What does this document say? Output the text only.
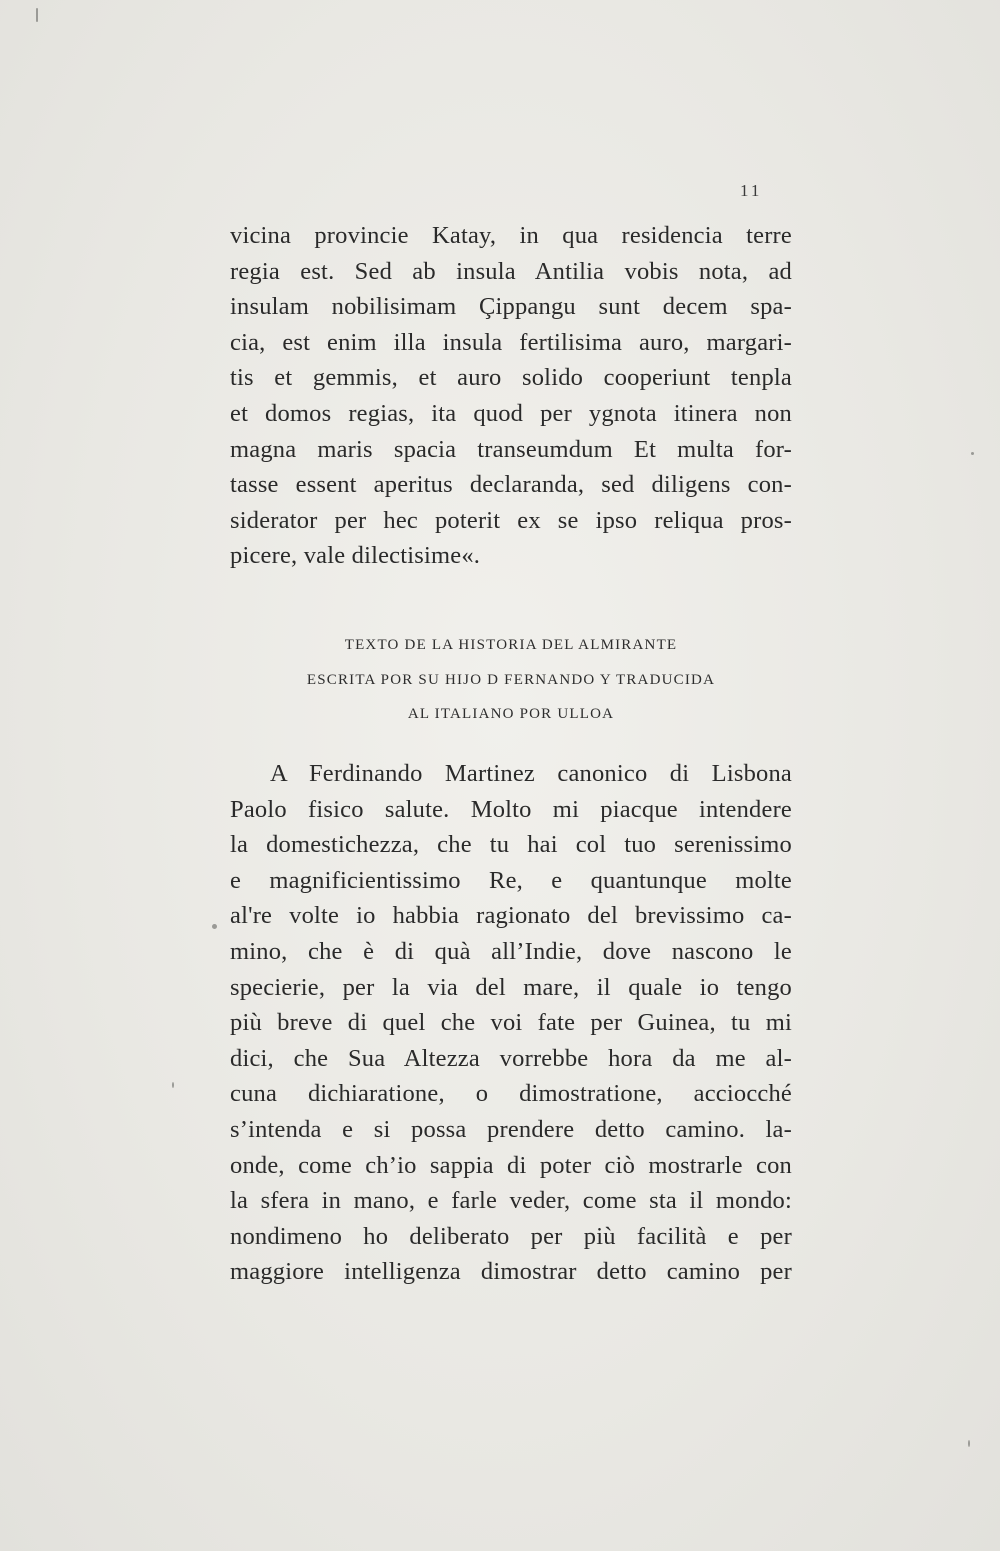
11
vicina provincie Katay, in qua residencia terre
regia est. Sed ab insula Antilia vobis nota, ad
insulam nobilisimam Çippangu sunt decem spa-
cia, est enim illa insula fertilisima auro, margari-
tis et gemmis, et auro solido cooperiunt tenpla
et domos regias, ita quod per ygnota itinera non
magna maris spacia transeumdum Et multa for-
tasse essent aperitus declaranda, sed diligens con-
siderator per hec poterit ex se ipso reliqua pros-
picere, vale dilectisime«.
TEXTO DE LA HISTORIA DEL ALMIRANTE
ESCRITA POR SU HIJO D FERNANDO Y TRADUCIDA
AL ITALIANO POR ULLOA
A Ferdinando Martinez canonico di Lisbona
Paolo fisico salute. Molto mi piacque intendere
la domestichezza, che tu hai col tuo serenissimo
e magnificientissimo Re, e quantunque molte
al're volte io habbia ragionato del brevissimo ca-
mino, che è di quà all’Indie, dove nascono le
specierie, per la via del mare, il quale io tengo
più breve di quel che voi fate per Guinea, tu mi
dici, che Sua Altezza vorrebbe hora da me al-
cuna dichiaratione, o dimostratione, acciocché
s’intenda e si possa prendere detto camino. la-
onde, come ch’io sappia di poter ciò mostrarle con
la sfera in mano, e farle veder, come sta il mondo:
nondimeno ho deliberato per più facilità e per
maggiore intelligenza dimostrar detto camino per
